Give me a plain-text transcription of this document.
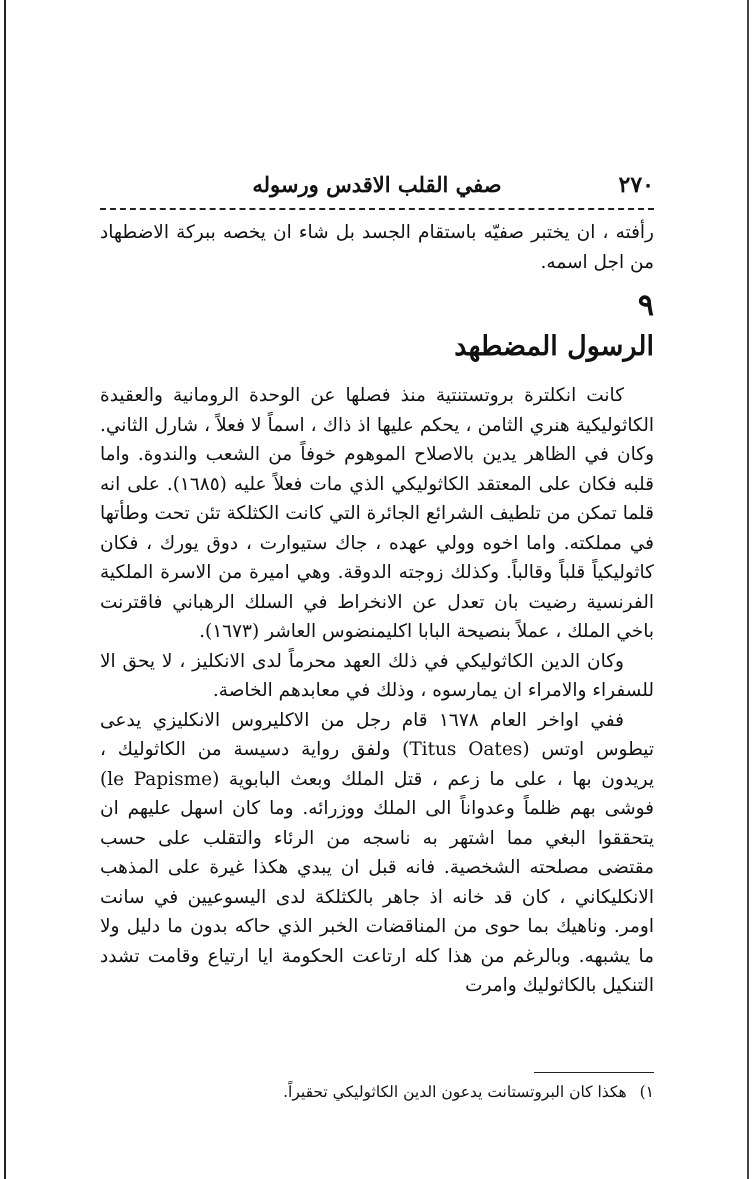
٢٧٠
صفي القلب الاقدس ورسوله

رأفته ، ان يختبر صفيّه باستقام الجسد بل شاء ان يخصه ببركة الاضطهاد من اجل اسمه.

٩
الرسول المضطهد

كانت انكلترة بروتستنتية منذ فصلها عن الوحدة الرومانية والعقيدة الكاثوليكية هنري الثامن ، يحكم عليها اذ ذاك ، اسماً لا فعلاً ، شارل الثاني. وكان في الظاهر يدين بالاصلاح الموهوم خوفاً من الشعب والندوة. واما قلبه فكان على المعتقد الكاثوليكي الذي مات فعلاً عليه (١٦٨٥). على انه قلما تمكن من تلطيف الشرائع الجائرة التي كانت الكثلكة تئن تحت وطأتها في مملكته. واما اخوه وولي عهده ، جاك ستيوارت ، دوق يورك ، فكان كاثوليكياً قلباً وقالباً. وكذلك زوجته الدوقة. وهي اميرة من الاسرة الملكية الفرنسية رضيت بان تعدل عن الانخراط في السلك الرهباني فاقترنت باخي الملك ، عملاً بنصيحة البابا اكليمنضوس العاشر (١٦٧٣).

وكان الدين الكاثوليكي في ذلك العهد محرماً لدى الانكليز ، لا يحق الا للسفراء والامراء ان يمارسوه ، وذلك في معابدهم الخاصة.

ففي اواخر العام ١٦٧٨ قام رجل من الاكليروس الانكليزي يدعى تيطوس اوتس (Titus Oates) ولفق رواية دسيسة من الكاثوليك ، يريدون بها ، على ما زعم ، قتل الملك وبعث البابوية (le Papisme) فوشى بهم ظلماً وعدواناً الى الملك ووزرائه. وما كان اسهل عليهم ان يتحققوا البغي مما اشتهر به ناسجه من الرئاء والتقلب على حسب مقتضى مصلحته الشخصية. فانه قبل ان يبدي هكذا غيرة على المذهب الانكليكاني ، كان قد خانه اذ جاهر بالكثلكة لدى اليسوعيين في سانت اومر. وناهيك بما حوى من المناقضات الخبر الذي حاكه بدون ما دليل ولا ما يشبهه. وبالرغم من هذا كله ارتاعت الحكومة ايا ارتياع وقامت تشدد التنكيل بالكاثوليك وامرت

١) هكذا كان البروتستانت يدعون الدين الكاثوليكي تحقيراً.
